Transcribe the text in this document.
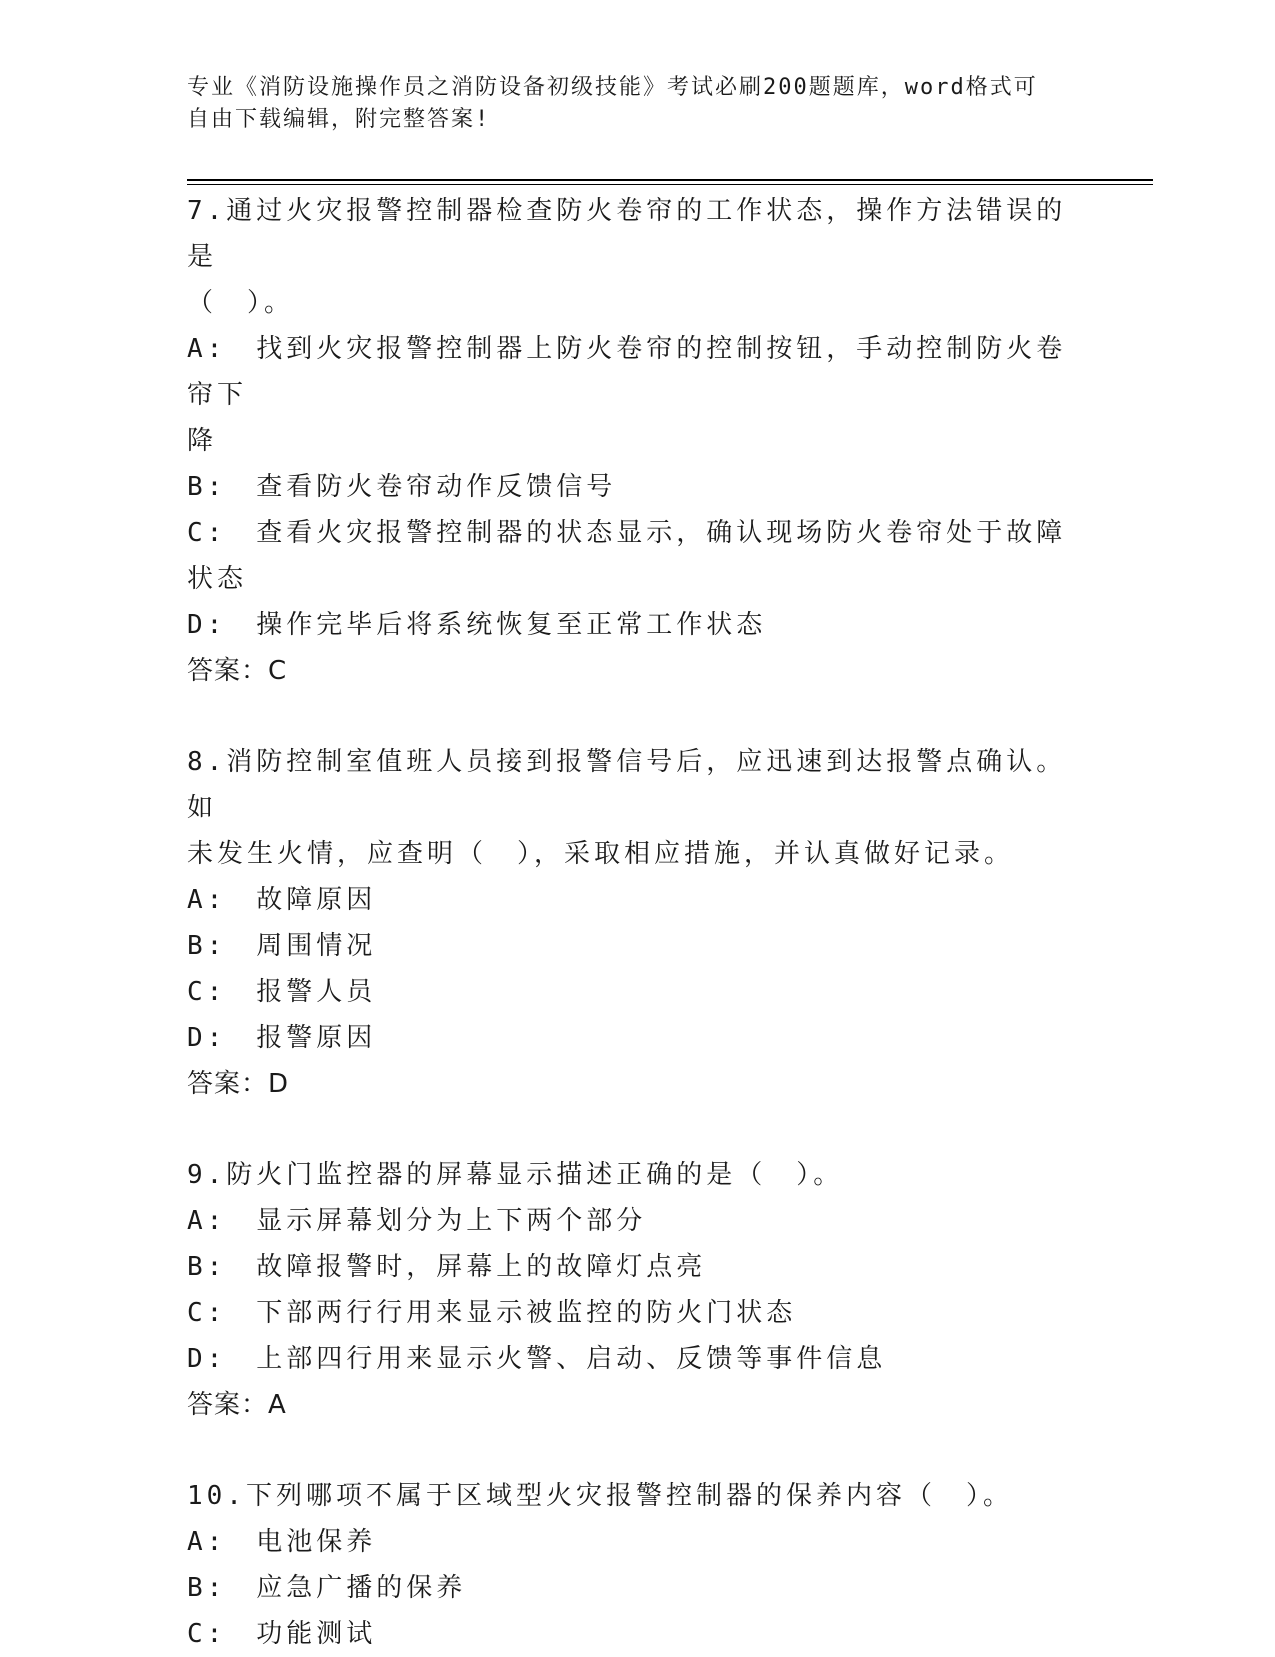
专业《消防设施操作员之消防设备初级技能》考试必刷200题题库，word格式可
自由下载编辑，附完整答案!
7.通过火灾报警控制器检查防火卷帘的工作状态，操作方法错误的是
（　）。
A:　找到火灾报警控制器上防火卷帘的控制按钮，手动控制防火卷帘下
降
B:　查看防火卷帘动作反馈信号
C:　查看火灾报警控制器的状态显示，确认现场防火卷帘处于故障状态
D:　操作完毕后将系统恢复至正常工作状态
答案：C
8.消防控制室值班人员接到报警信号后，应迅速到达报警点确认。如
未发生火情，应查明（　），采取相应措施，并认真做好记录。
A:　故障原因
B:　周围情况
C:　报警人员
D:　报警原因
答案：D
9.防火门监控器的屏幕显示描述正确的是（　）。
A:　显示屏幕划分为上下两个部分
B:　故障报警时，屏幕上的故障灯点亮
C:　下部两行行用来显示被监控的防火门状态
D:　上部四行用来显示火警、启动、反馈等事件信息
答案：A
10.下列哪项不属于区域型火灾报警控制器的保养内容（　）。
A:　电池保养
B:　应急广播的保养
C:　功能测试
